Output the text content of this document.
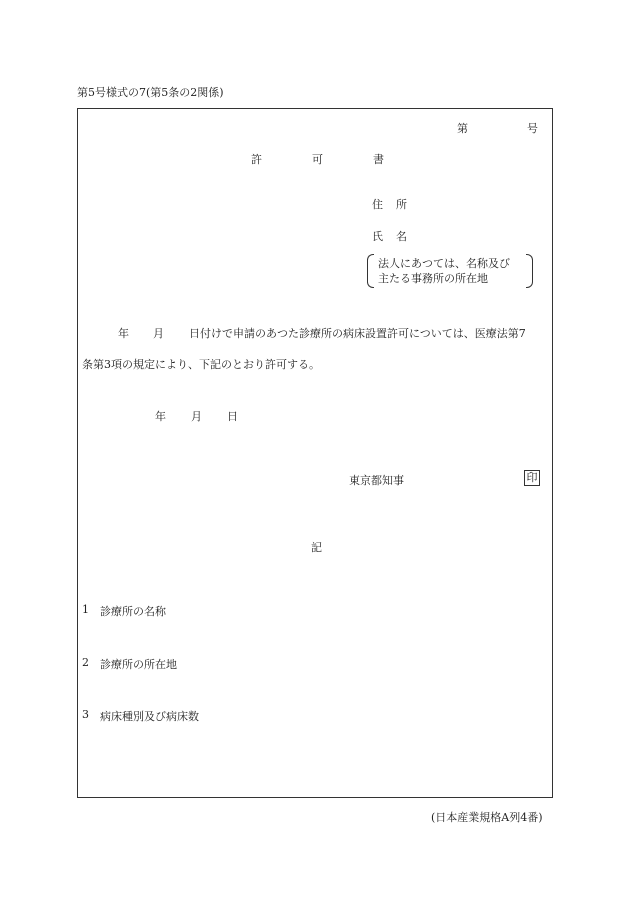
第5号様式の7(第5条の2関係)
第	号
許	可	書
住 所
氏 名
法人にあつては、名称及び
主たる事務所の所在地
年 月 日付けで申請のあつた診療所の病床設置許可については、医療法第7
条第3項の規定により、下記のとおり許可する。
年 月 日
東京都知事	印
記
1 診療所の名称
2 診療所の所在地
3 病床種別及び病床数
(日本産業規格A列4番)
